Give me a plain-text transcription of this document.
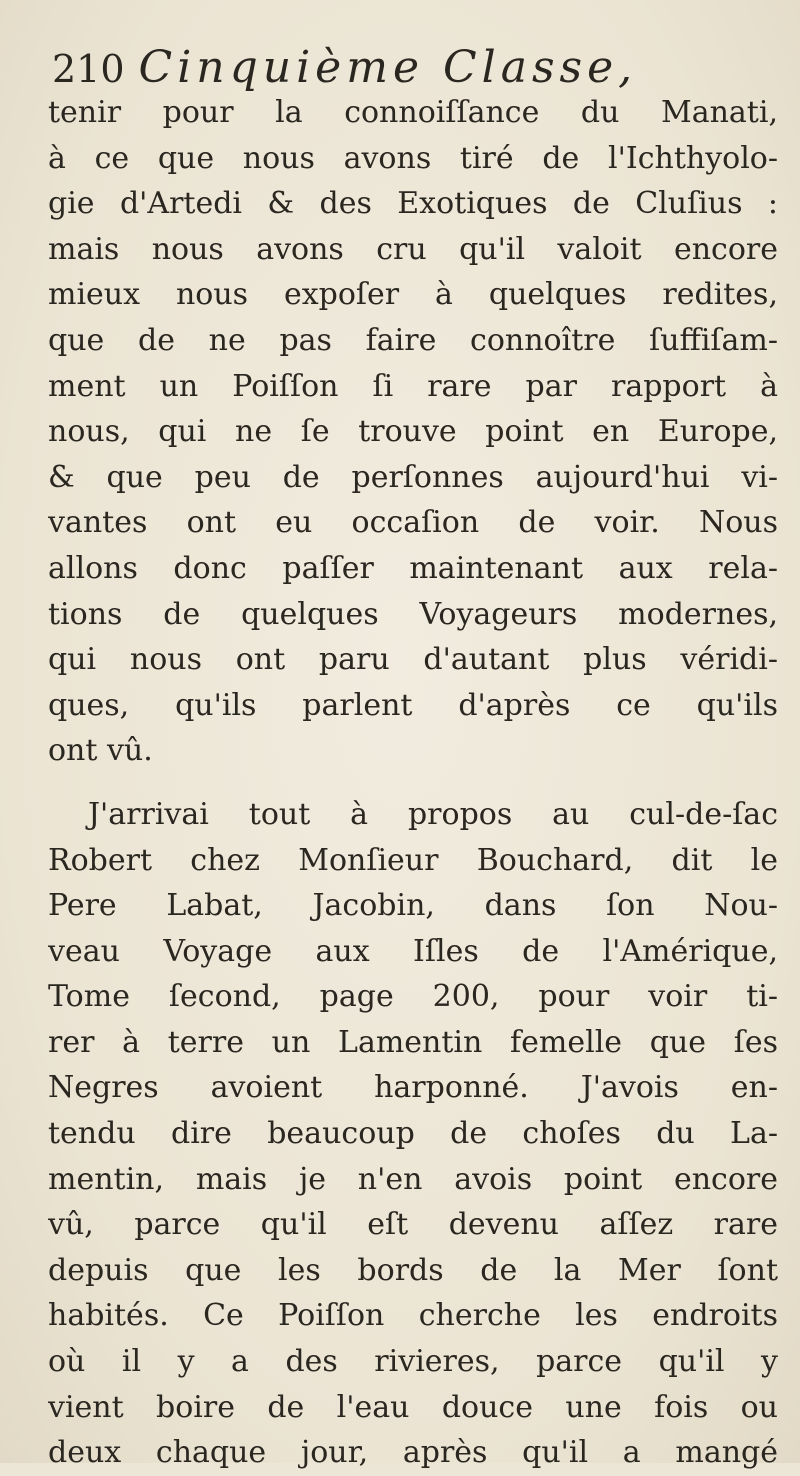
210 Cinquième Classe,
tenir pour la connoiſſance du Manati,
à ce que nous avons tiré de l'Ichthyolo-
gie d'Artedi & des Exotiques de Cluſius :
mais nous avons cru qu'il valoit encore
mieux nous expoſer à quelques redites,
que de ne pas faire connoître ſuffiſam-
ment un Poiſſon ſi rare par rapport à
nous, qui ne ſe trouve point en Europe,
& que peu de perſonnes aujourd'hui vi-
vantes ont eu occaſion de voir. Nous
allons donc paſſer maintenant aux rela-
tions de quelques Voyageurs modernes,
qui nous ont paru d'autant plus véridi-
ques, qu'ils parlent d'après ce qu'ils
ont vû.
J'arrivai tout à propos au cul-de-ſac
Robert chez Monſieur Bouchard, dit le
Pere Labat, Jacobin, dans ſon Nou-
veau Voyage aux Iſles de l'Amérique,
Tome ſecond, page 200, pour voir ti-
rer à terre un Lamentin femelle que ſes
Negres avoient harponné. J'avois en-
tendu dire beaucoup de choſes du La-
mentin, mais je n'en avois point encore
vû, parce qu'il eſt devenu aſſez rare
depuis que les bords de la Mer ſont
habités. Ce Poiſſon cherche les endroits
où il y a des rivieres, parce qu'il y
vient boire de l'eau douce une fois ou
deux chaque jour, après qu'il a mangé
